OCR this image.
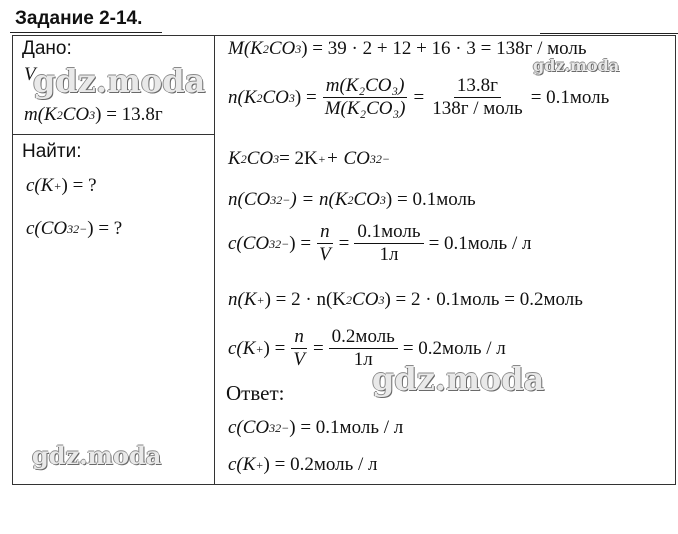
Задание 2-14.
Дано:
V
m(K 2 CO 3 ) = 13.8г
Найти:
c(K + ) = ?
c(CO 3 2− ) = ?
M(K 2 CO 3 ) = 39 · 2 + 12 + 16 · 3 = 138г / моль
n(K 2 CO 3 ) = $\frac{\text{m(K₂CO₃)}}{\text{M(K₂CO₃)}} = \frac{13.8г}{\text{138г / моль}}$ = 0.1моль
K 2 CO 3 = 2K + + CO 3 2−
n(CO 3 2− ) = n(K 2 CO 3 ) = 0.1моль
c(CO 3 2− ) = $\frac{n}{V} = \frac{\text{0.1моль}}{1л}$ = 0.1моль / л
n(K + ) = 2 · n(K 2 CO 3 ) = 2 · 0.1моль = 0.2моль
c(K + ) = $\frac{n}{V} = \frac{\text{0.2моль}}{1л}$ = 0.2моль / л
Ответ:
c(CO 3 2− ) = 0.1моль / л
c(K + ) = 0.2моль / л
gdz.moda	gdz.moda
gdz.moda
gdz.moda
